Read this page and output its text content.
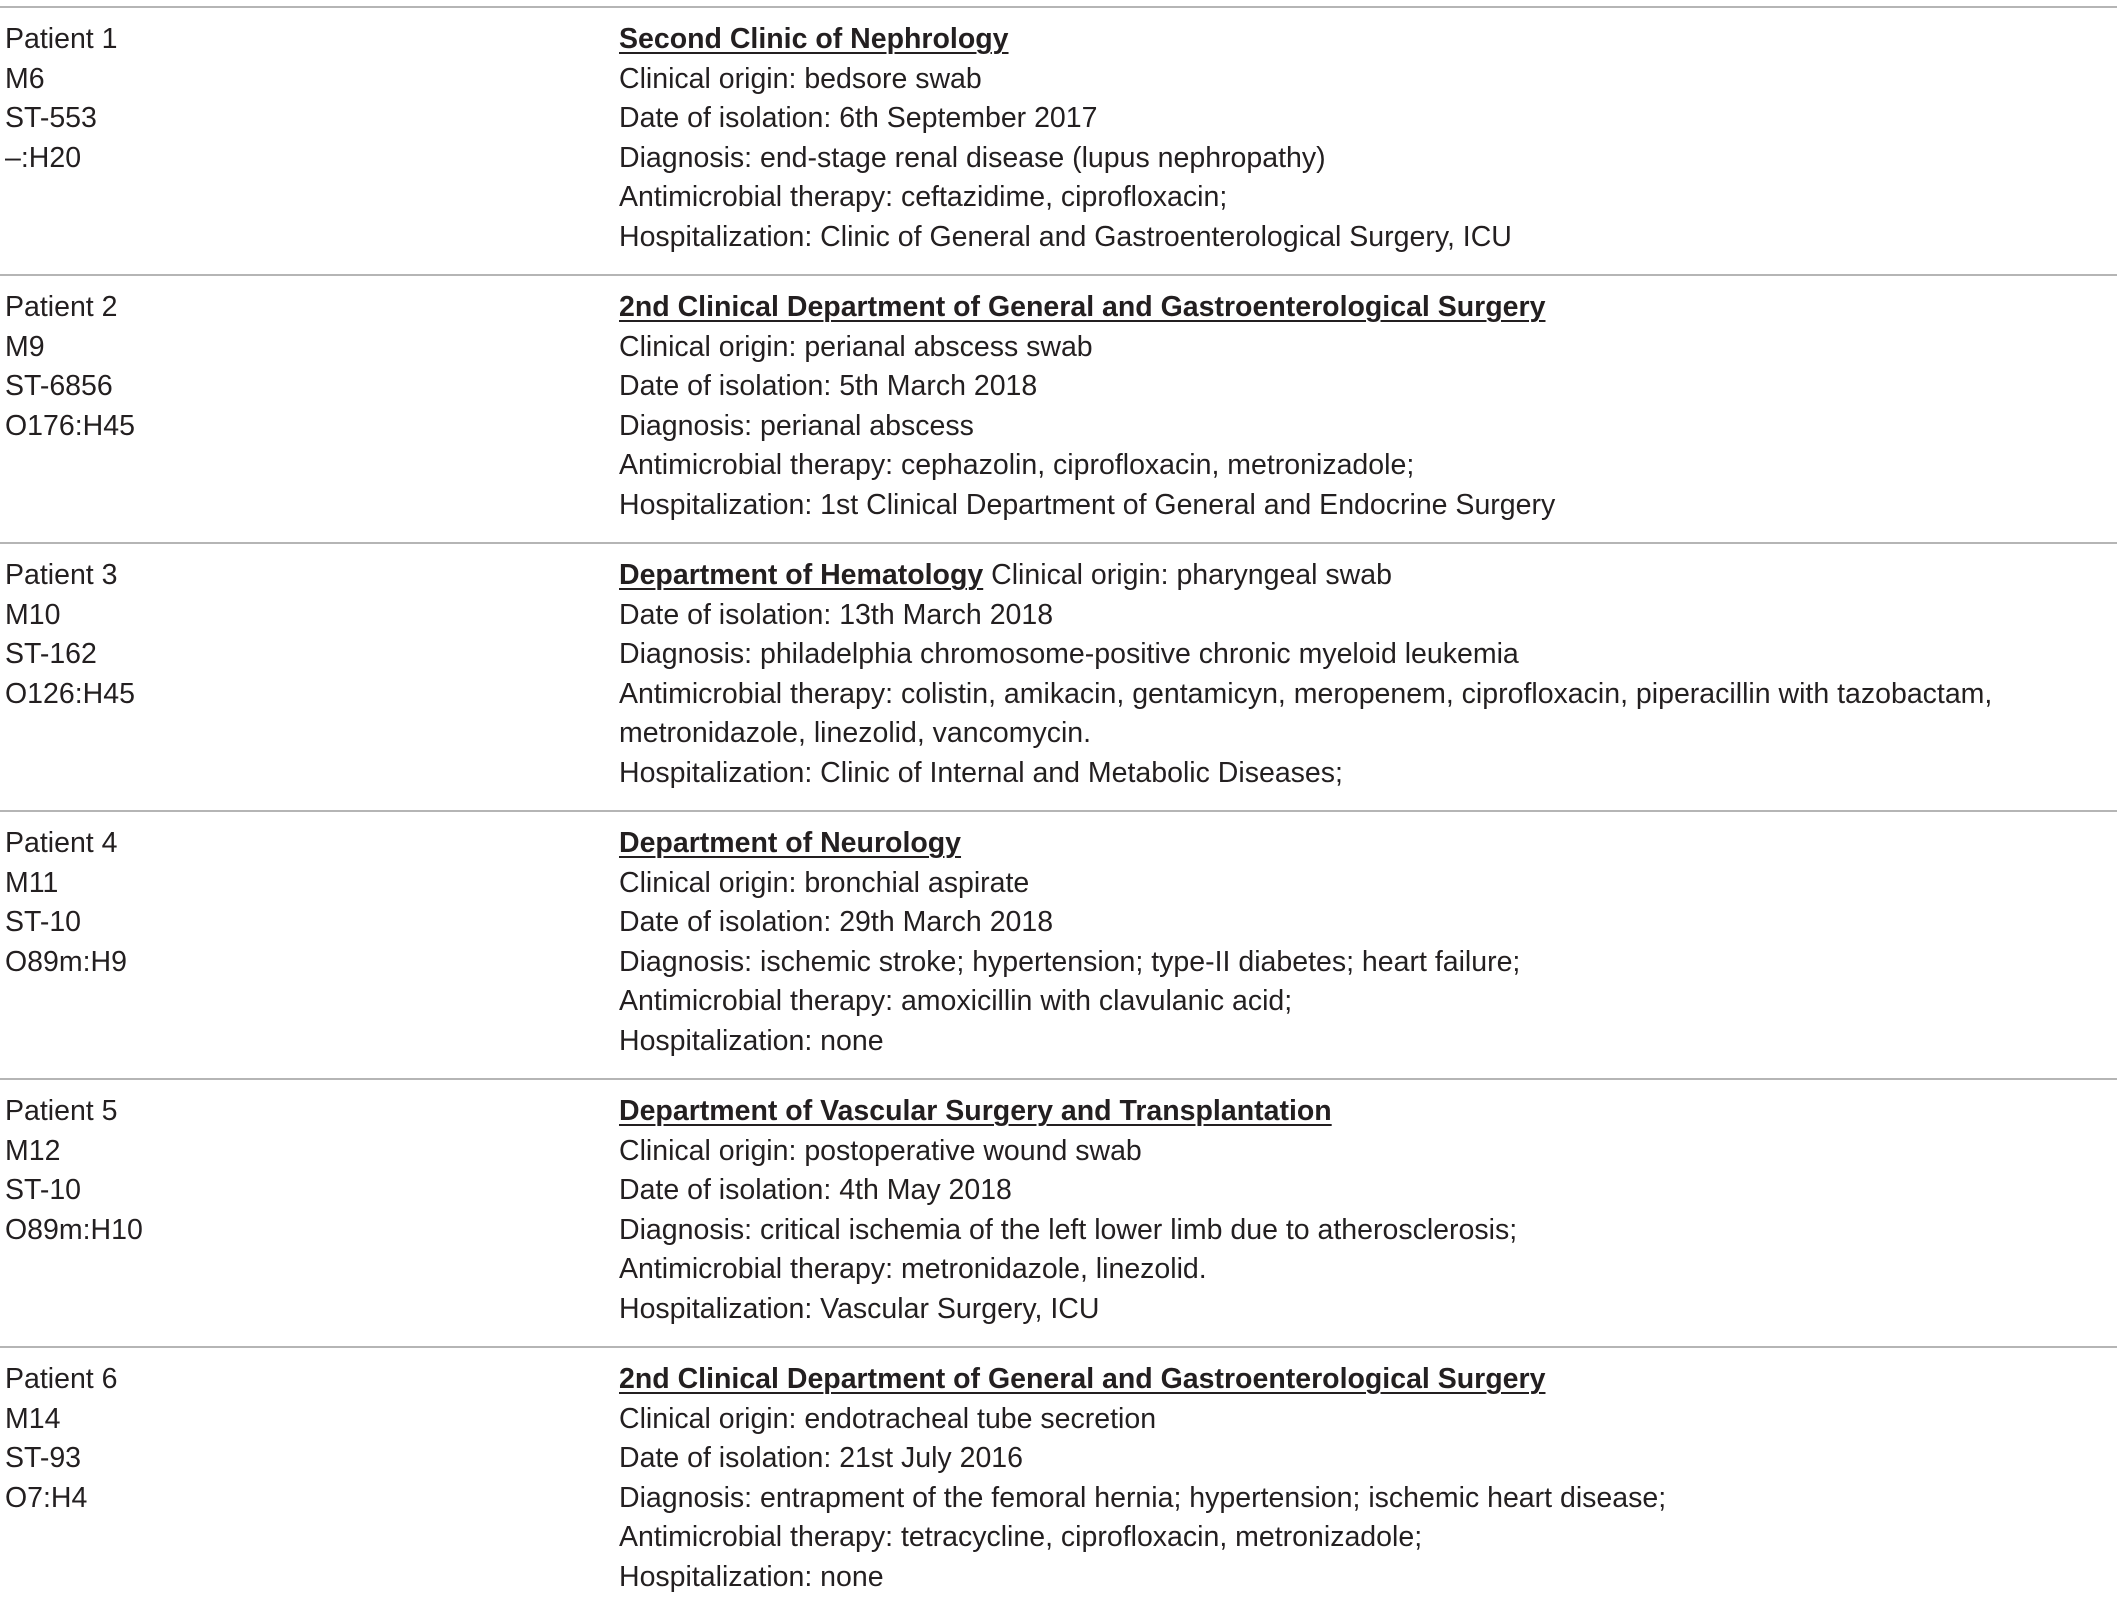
Patient 1
M6
ST-553
–:H20
Second Clinic of Nephrology
Clinical origin: bedsore swab
Date of isolation: 6th September 2017
Diagnosis: end-stage renal disease (lupus nephropathy)
Antimicrobial therapy: ceftazidime, ciprofloxacin;
Hospitalization: Clinic of General and Gastroenterological Surgery, ICU
Patient 2
M9
ST-6856
O176:H45
2nd Clinical Department of General and Gastroenterological Surgery
Clinical origin: perianal abscess swab
Date of isolation: 5th March 2018
Diagnosis: perianal abscess
Antimicrobial therapy: cephazolin, ciprofloxacin, metronizadole;
Hospitalization: 1st Clinical Department of General and Endocrine Surgery
Patient 3
M10
ST-162
O126:H45
Department of Hematology Clinical origin: pharyngeal swab
Date of isolation: 13th March 2018
Diagnosis: philadelphia chromosome-positive chronic myeloid leukemia
Antimicrobial therapy: colistin, amikacin, gentamicyn, meropenem, ciprofloxacin, piperacillin with tazobactam, metronidazole, linezolid, vancomycin.
Hospitalization: Clinic of Internal and Metabolic Diseases;
Patient 4
M11
ST-10
O89m:H9
Department of Neurology
Clinical origin: bronchial aspirate
Date of isolation: 29th March 2018
Diagnosis: ischemic stroke; hypertension; type-II diabetes; heart failure;
Antimicrobial therapy: amoxicillin with clavulanic acid;
Hospitalization: none
Patient 5
M12
ST-10
O89m:H10
Department of Vascular Surgery and Transplantation
Clinical origin: postoperative wound swab
Date of isolation: 4th May 2018
Diagnosis: critical ischemia of the left lower limb due to atherosclerosis;
Antimicrobial therapy: metronidazole, linezolid.
Hospitalization: Vascular Surgery, ICU
Patient 6
M14
ST-93
O7:H4
2nd Clinical Department of General and Gastroenterological Surgery
Clinical origin: endotracheal tube secretion
Date of isolation: 21st July 2016
Diagnosis: entrapment of the femoral hernia; hypertension; ischemic heart disease;
Antimicrobial therapy: tetracycline, ciprofloxacin, metronizadole;
Hospitalization: none
